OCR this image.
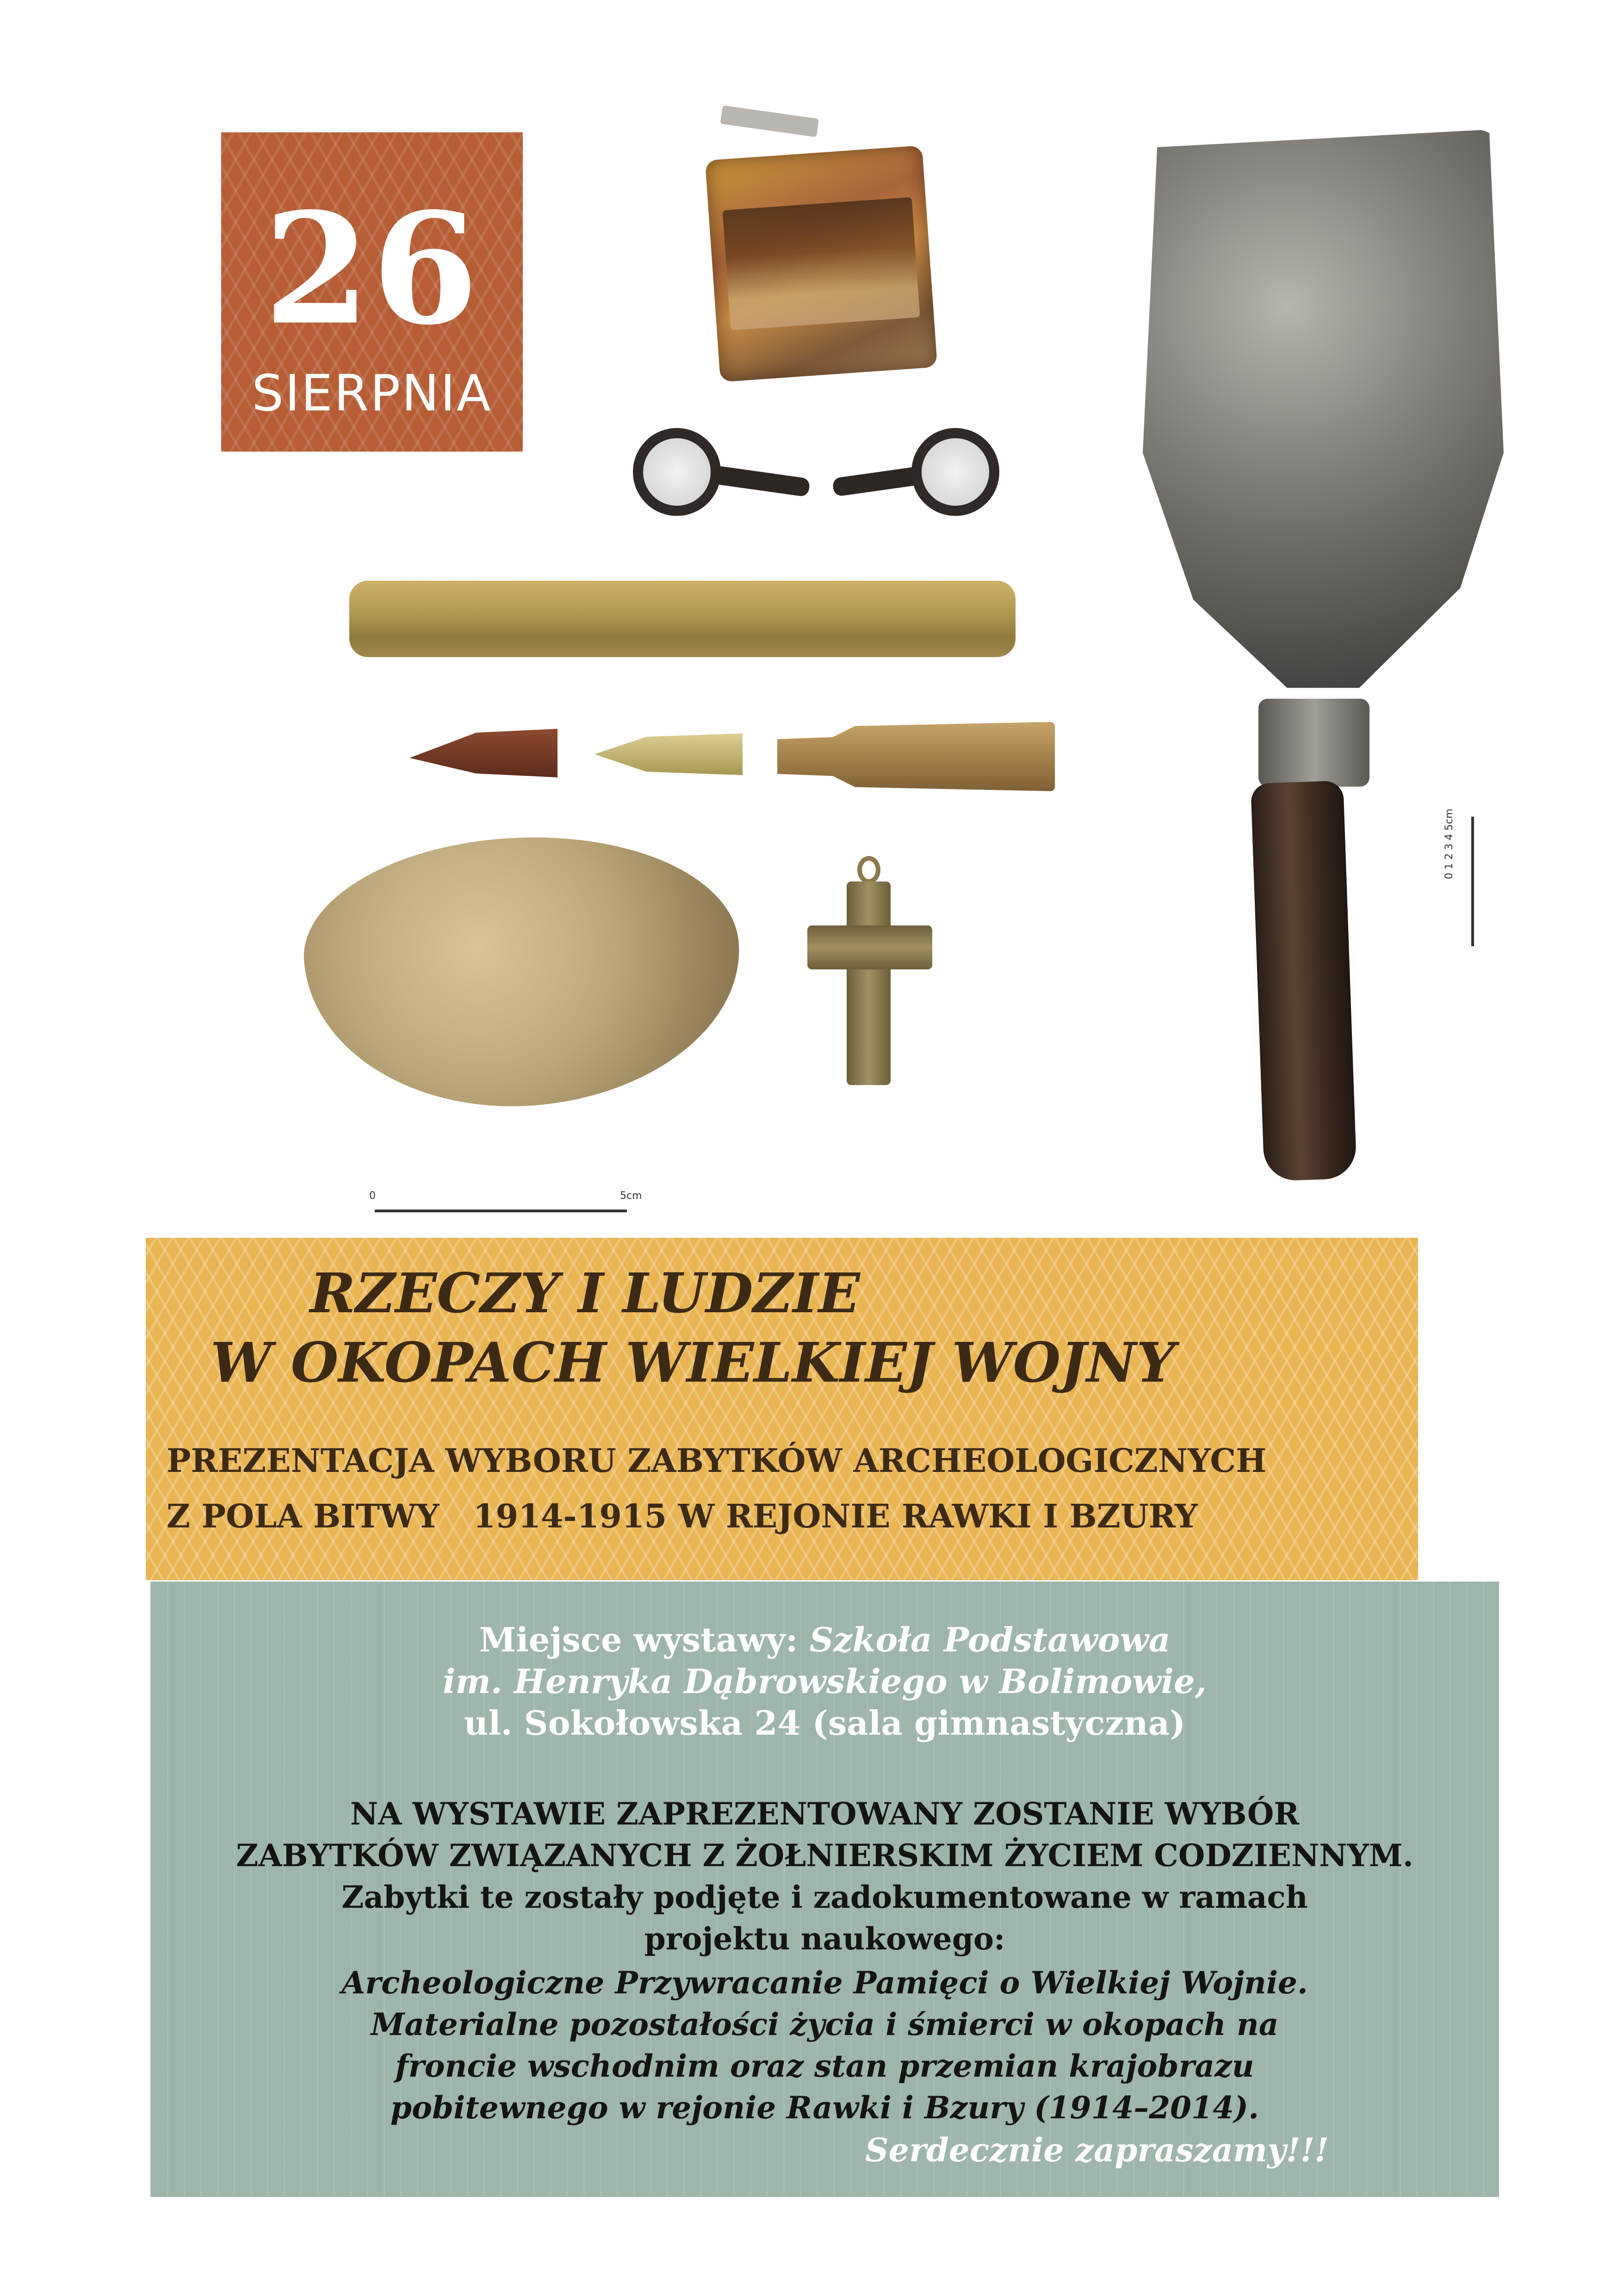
26
SIERPNIA
0	5cm
0 1 2 3 4 5cm
RZECZY I LUDZIE
W OKOPACH WIELKIEJ WOJNY
PREZENTACJA WYBORU ZABYTKÓW ARCHEOLOGICZNYCH
Z POLA BITWY   1914-1915 W REJONIE RAWKI I BZURY
Miejsce wystawy: Szkoła Podstawowa
im. Henryka Dąbrowskiego w Bolimowie,
ul. Sokołowska 24 (sala gimnastyczna)
NA WYSTAWIE ZAPREZENTOWANY ZOSTANIE WYBÓR
ZABYTKÓW ZWIĄZANYCH Z ŻOŁNIERSKIM ŻYCIEM CODZIENNYM.
Zabytki te zostały podjęte i zadokumentowane w ramach
projektu naukowego:
Archeologiczne Przywracanie Pamięci o Wielkiej Wojnie.
Materialne pozostałości życia i śmierci w okopach na
froncie wschodnim oraz stan przemian krajobrazu
pobitewnego w rejonie Rawki i Bzury (1914–2014).
Serdecznie zapraszamy!!!
